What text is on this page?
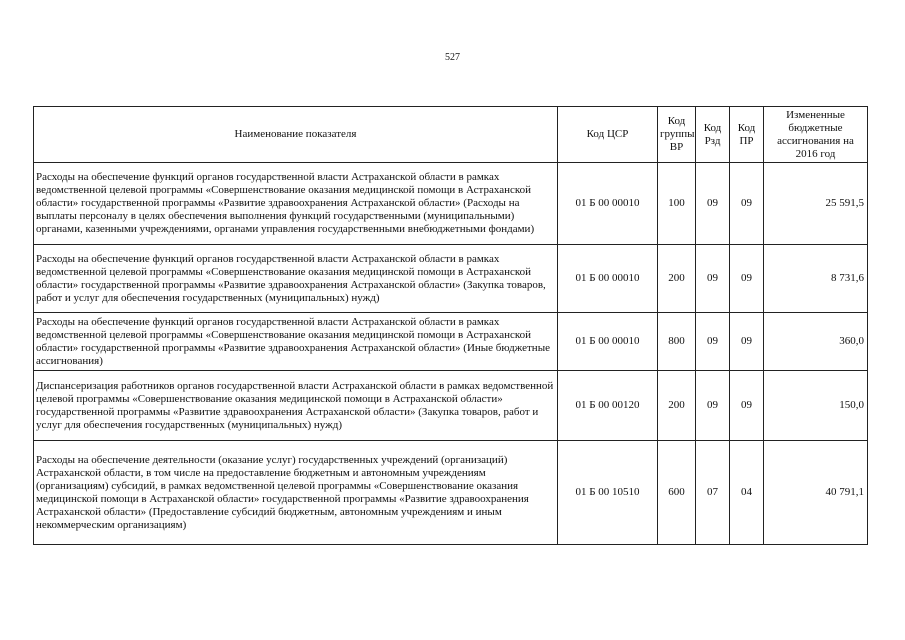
527
Наименование показателя	Код ЦСР	Код группы ВР	Код Рзд	Код ПР	Измененные бюджетные ассигнования на 2016 год
Расходы на обеспечение функций органов государственной власти Астраханской области в рамках ведомственной целевой программы «Совершенствование оказания медицинской помощи в Астраханской области» государственной программы «Развитие здравоохранения Астраханской области» (Расходы на выплаты персоналу в целях обеспечения выполнения функций государственными (муниципальными) органами, казенными учреждениями, органами управления государственными внебюджетными фондами)	01 Б 00 00010	100	09	09	25 591,5
Расходы на обеспечение функций органов государственной власти Астраханской области в рамках ведомственной целевой программы «Совершенствование оказания медицинской помощи в Астраханской области» государственной программы «Развитие здравоохранения Астраханской области» (Закупка товаров, работ и услуг для обеспечения государственных (муниципальных) нужд)	01 Б 00 00010	200	09	09	8 731,6
Расходы на обеспечение функций органов государственной власти Астраханской области в рамках ведомственной целевой программы «Совершенствование оказания медицинской помощи в Астраханской области» государственной программы «Развитие здравоохранения Астраханской области» (Иные бюджетные ассигнования)	01 Б 00 00010	800	09	09	360,0
Диспансеризация работников органов государственной власти Астраханской области в рамках ведомственной целевой программы «Совершенствование оказания медицинской помощи в Астраханской области» государственной программы «Развитие здравоохранения Астраханской области» (Закупка товаров, работ и услуг для обеспечения государственных (муниципальных) нужд)	01 Б 00 00120	200	09	09	150,0
Расходы на обеспечение деятельности (оказание услуг) государственных учреждений (организаций) Астраханской области, в том числе на предоставление бюджетным и автономным учреждениям (организациям) субсидий, в рамках ведомственной целевой программы «Совершенствование оказания медицинской помощи в Астраханской области» государственной программы «Развитие здравоохранения Астраханской области» (Предоставление субсидий бюджетным, автономным учреждениям и иным некоммерческим организациям)	01 Б 00 10510	600	07	04	40 791,1
